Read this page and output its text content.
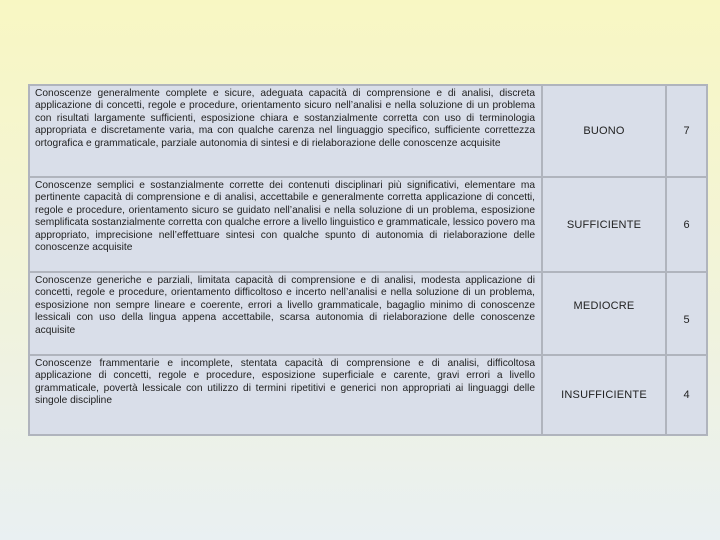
Conoscenze generalmente complete e sicure, adeguata capacità di comprensione e di analisi, discreta applicazione di concetti, regole e procedure, orientamento sicuro nell’analisi e nella soluzione di un problema con risultati largamente sufficienti, esposizione chiara e sostanzialmente corretta con uso di terminologia appropriata e discretamente varia, ma con qualche carenza nel linguaggio specifico, sufficiente correttezza ortografica e grammaticale, parziale autonomia di sintesi e di rielaborazione delle conoscenze acquisite	BUONO	7
Conoscenze semplici e sostanzialmente corrette dei contenuti disciplinari più significativi, elementare ma pertinente capacità di comprensione e di analisi, accettabile e generalmente corretta applicazione di concetti, regole e procedure, orientamento sicuro se guidato nell’analisi e nella soluzione di un problema, esposizione semplificata sostanzialmente corretta con qualche errore a livello linguistico e grammaticale, lessico povero ma appropriato, imprecisione nell’effettuare sintesi con qualche spunto di autonomia di rielaborazione delle conoscenze acquisite	SUFFICIENTE	6
Conoscenze generiche e parziali, limitata capacità di comprensione e di analisi, modesta applicazione di concetti, regole e procedure, orientamento difficoltoso e incerto nell’analisi e nella soluzione di un problema, esposizione non sempre lineare e coerente, errori a livello grammaticale, bagaglio minimo di conoscenze lessicali con uso della lingua appena accettabile, scarsa autonomia di rielaborazione delle conoscenze acquisite	MEDIOCRE	5
Conoscenze frammentarie e incomplete, stentata capacità di comprensione e di analisi, difficoltosa applicazione di concetti, regole e procedure, esposizione superficiale e carente, gravi errori a livello grammaticale, povertà lessicale con utilizzo di termini ripetitivi e generici non appropriati ai linguaggi delle singole discipline	INSUFFICIENTE	4
